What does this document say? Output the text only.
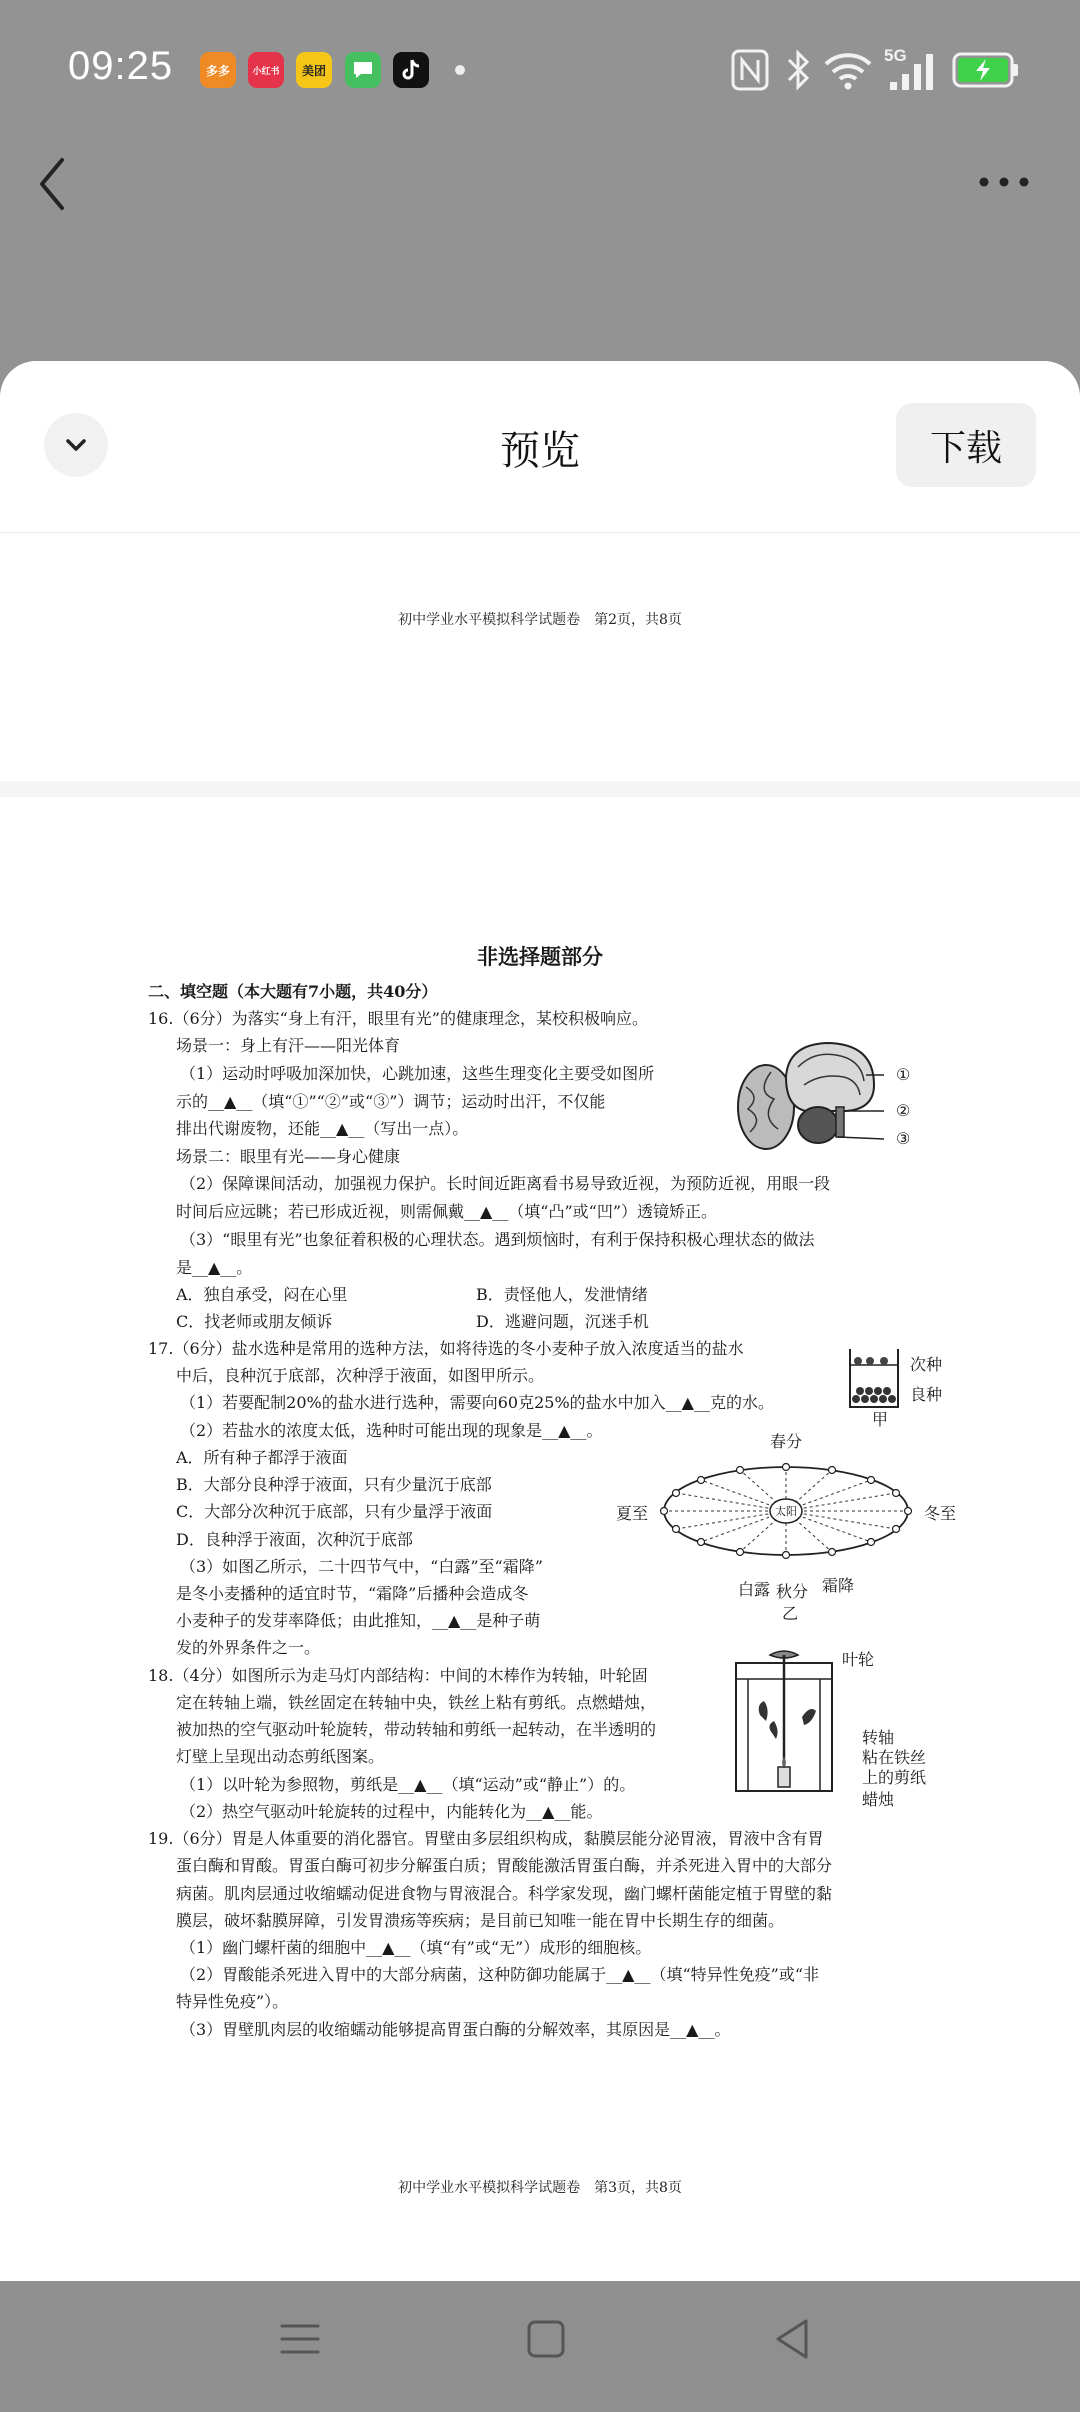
09:25	多多 小红书 美团
5G
预览	下载
初中学业水平模拟科学试题卷　第2页，共8页
非选择题部分
二、填空题（本大题有7小题，共40分）
16.（6分）为落实“身上有汗，眼里有光”的健康理念，某校积极响应。
场景一：身上有汗——阳光体育
（1）运动时呼吸加深加快，心跳加速，这些生理变化主要受如图所
示的__▲__（填“①”“②”或“③”）调节；运动时出汗，不仅能
排出代谢废物，还能__▲__（写出一点）。
场景二：眼里有光——身心健康
（2）保障课间活动，加强视力保护。长时间近距离看书易导致近视，为预防近视，用眼一段
时间后应远眺；若已形成近视，则需佩戴__▲__（填“凸”或“凹”）透镜矫正。
（3）“眼里有光”也象征着积极的心理状态。遇到烦恼时，有利于保持积极心理状态的做法
是__▲__。
A．独自承受，闷在心里	B．责怪他人，发泄情绪
C．找老师或朋友倾诉	D．逃避问题，沉迷手机
17.（6分）盐水选种是常用的选种方法，如将待选的冬小麦种子放入浓度适当的盐水
中后，良种沉于底部，次种浮于液面，如图甲所示。
（1）若要配制20%的盐水进行选种，需要向60克25%的盐水中加入__▲__克的水。
（2）若盐水的浓度太低，选种时可能出现的现象是__▲__。
A．所有种子都浮于液面
B．大部分良种浮于液面，只有少量沉于底部
C．大部分次种沉于底部，只有少量浮于液面
D．良种浮于液面，次种沉于底部
（3）如图乙所示，二十四节气中，“白露”至“霜降”
是冬小麦播种的适宜时节，“霜降”后播种会造成冬
小麦种子的发芽率降低；由此推知，__▲__是种子萌
发的外界条件之一。
18.（4分）如图所示为走马灯内部结构：中间的木棒作为转轴，叶轮固
定在转轴上端，铁丝固定在转轴中央，铁丝上粘有剪纸。点燃蜡烛，
被加热的空气驱动叶轮旋转，带动转轴和剪纸一起转动，在半透明的
灯壁上呈现出动态剪纸图案。
（1）以叶轮为参照物，剪纸是__▲__（填“运动”或“静止”）的。
（2）热空气驱动叶轮旋转的过程中，内能转化为__▲__能。
19.（6分）胃是人体重要的消化器官。胃壁由多层组织构成，黏膜层能分泌胃液，胃液中含有胃
蛋白酶和胃酸。胃蛋白酶可初步分解蛋白质；胃酸能激活胃蛋白酶，并杀死进入胃中的大部分
病菌。肌肉层通过收缩蠕动促进食物与胃液混合。科学家发现，幽门螺杆菌能定植于胃壁的黏
膜层，破坏黏膜屏障，引发胃溃疡等疾病；是目前已知唯一能在胃中长期生存的细菌。
（1）幽门螺杆菌的细胞中__▲__（填“有”或“无”）成形的细胞核。
（2）胃酸能杀死进入胃中的大部分病菌，这种防御功能属于__▲__（填“特异性免疫”或“非
特异性免疫”）。
（3）胃壁肌肉层的收缩蠕动能够提高胃蛋白酶的分解效率，其原因是__▲__。
①
②
③
次种
良种
甲
春分
夏至	冬至
太阳
白露 秋分 霜降
乙
叶轮
转轴
粘在铁丝
上的剪纸
蜡烛
初中学业水平模拟科学试题卷　第3页，共8页
